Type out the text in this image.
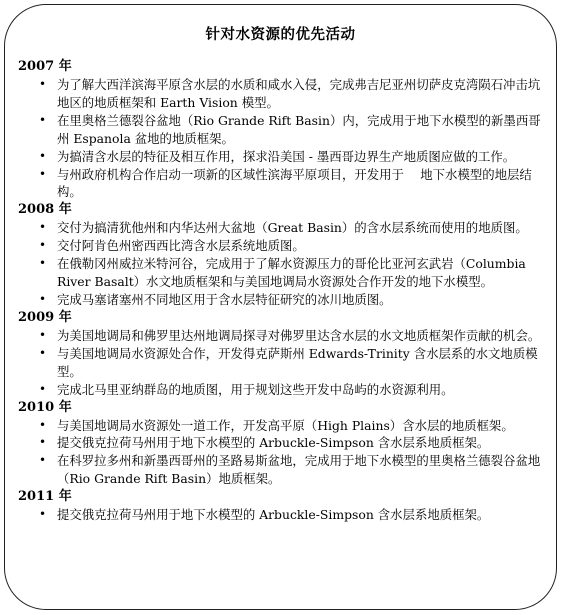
针对水资源的优先活动
2007 年
• 为了解大西洋滨海平原含水层的水质和咸水入侵，完成弗吉尼亚州切萨皮克湾陨石冲击坑地区的地质框架和 Earth Vision 模型。
• 在里奥格兰德裂谷盆地（Rio Grande Rift Basin）内，完成用于地下水模型的新墨西哥州 Espanola 盆地的地质框架。
• 为搞清含水层的特征及相互作用，探求沿美国 - 墨西哥边界生产地质图应做的工作。
• 与州政府机构合作启动一项新的区域性滨海平原项目，开发用于　 地下水模型的地层结构。
2008 年
• 交付为搞清犹他州和内华达州大盆地（Great Basin）的含水层系统而使用的地质图。
• 交付阿肯色州密西西比湾含水层系统地质图。
• 在俄勒冈州威拉米特河谷，完成用于了解水资源压力的哥伦比亚河玄武岩（Columbia River Basalt）水文地质框架和与美国地调局水资源处合作开发的地下水模型。
• 完成马塞诸塞州不同地区用于含水层特征研究的冰川地质图。
2009 年
• 为美国地调局和佛罗里达州地调局探寻对佛罗里达含水层的水文地质框架作贡献的机会。
• 与美国地调局水资源处合作，开发得克萨斯州 Edwards-Trinity 含水层系的水文地质模型。
• 完成北马里亚纳群岛的地质图，用于规划这些开发中岛屿的水资源利用。
2010 年
• 与美国地调局水资源处一道工作，开发高平原（High Plains）含水层的地质框架。
• 提交俄克拉荷马州用于地下水模型的 Arbuckle-Simpson 含水层系地质框架。
• 在科罗拉多州和新墨西哥州的圣路易斯盆地，完成用于地下水模型的里奥格兰德裂谷盆地（Rio Grande Rift Basin）地质框架。
2011 年
• 提交俄克拉荷马州用于地下水模型的 Arbuckle-Simpson 含水层系地质框架。
